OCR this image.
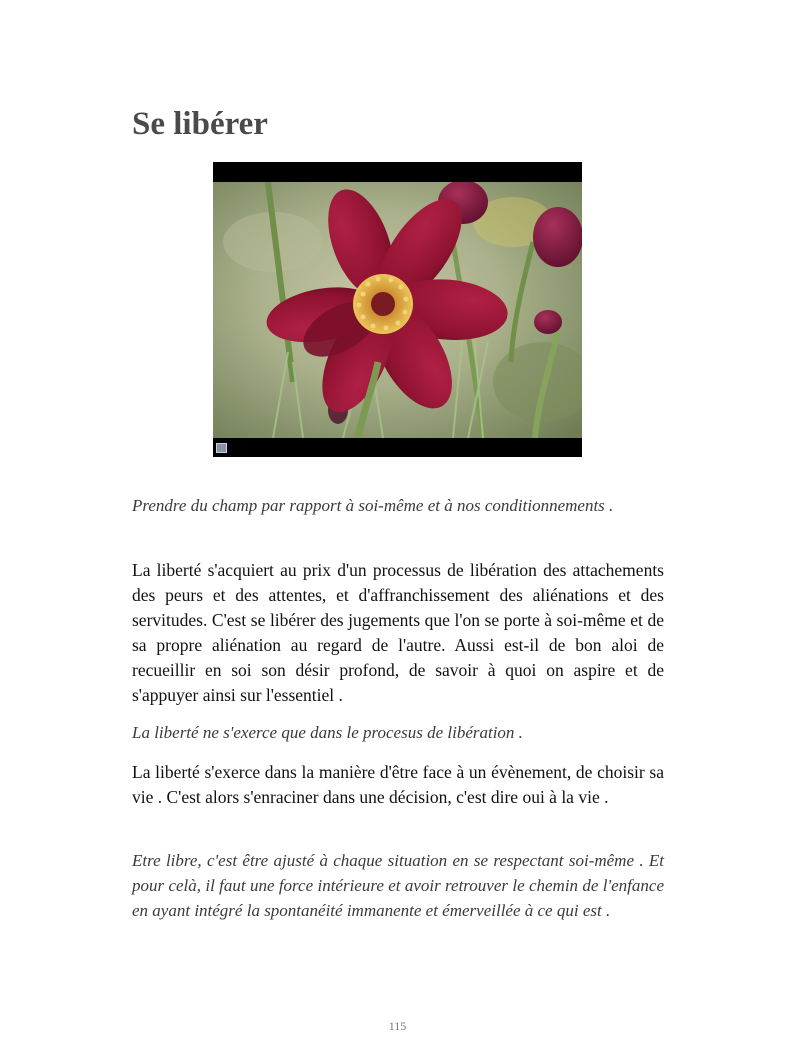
Se libérer

Prendre du champ par rapport à soi-même et à nos conditionnements .

La liberté s'acquiert au prix d'un processus de libération des attachements des peurs et des attentes, et d'affranchissement des aliénations et des servitudes. C'est se libérer des jugements que l'on se porte à soi-même et de sa propre aliénation au regard de l'autre. Aussi est-il de bon aloi de recueillir en soi son désir profond, de savoir à quoi on aspire et de s'appuyer ainsi sur l'essentiel .

La liberté ne s'exerce que dans le procesus de libération .

La liberté s'exerce dans la manière d'être face à un évènement, de choisir sa vie . C'est alors s'enraciner dans une décision, c'est dire oui à la vie .

Etre libre, c'est être ajusté à chaque situation en se respectant soi-même . Et pour celà, il faut une force intérieure et avoir retrouver le chemin de l'enfance en ayant intégré la spontanéité immanente et émerveillée à ce qui est .

115
